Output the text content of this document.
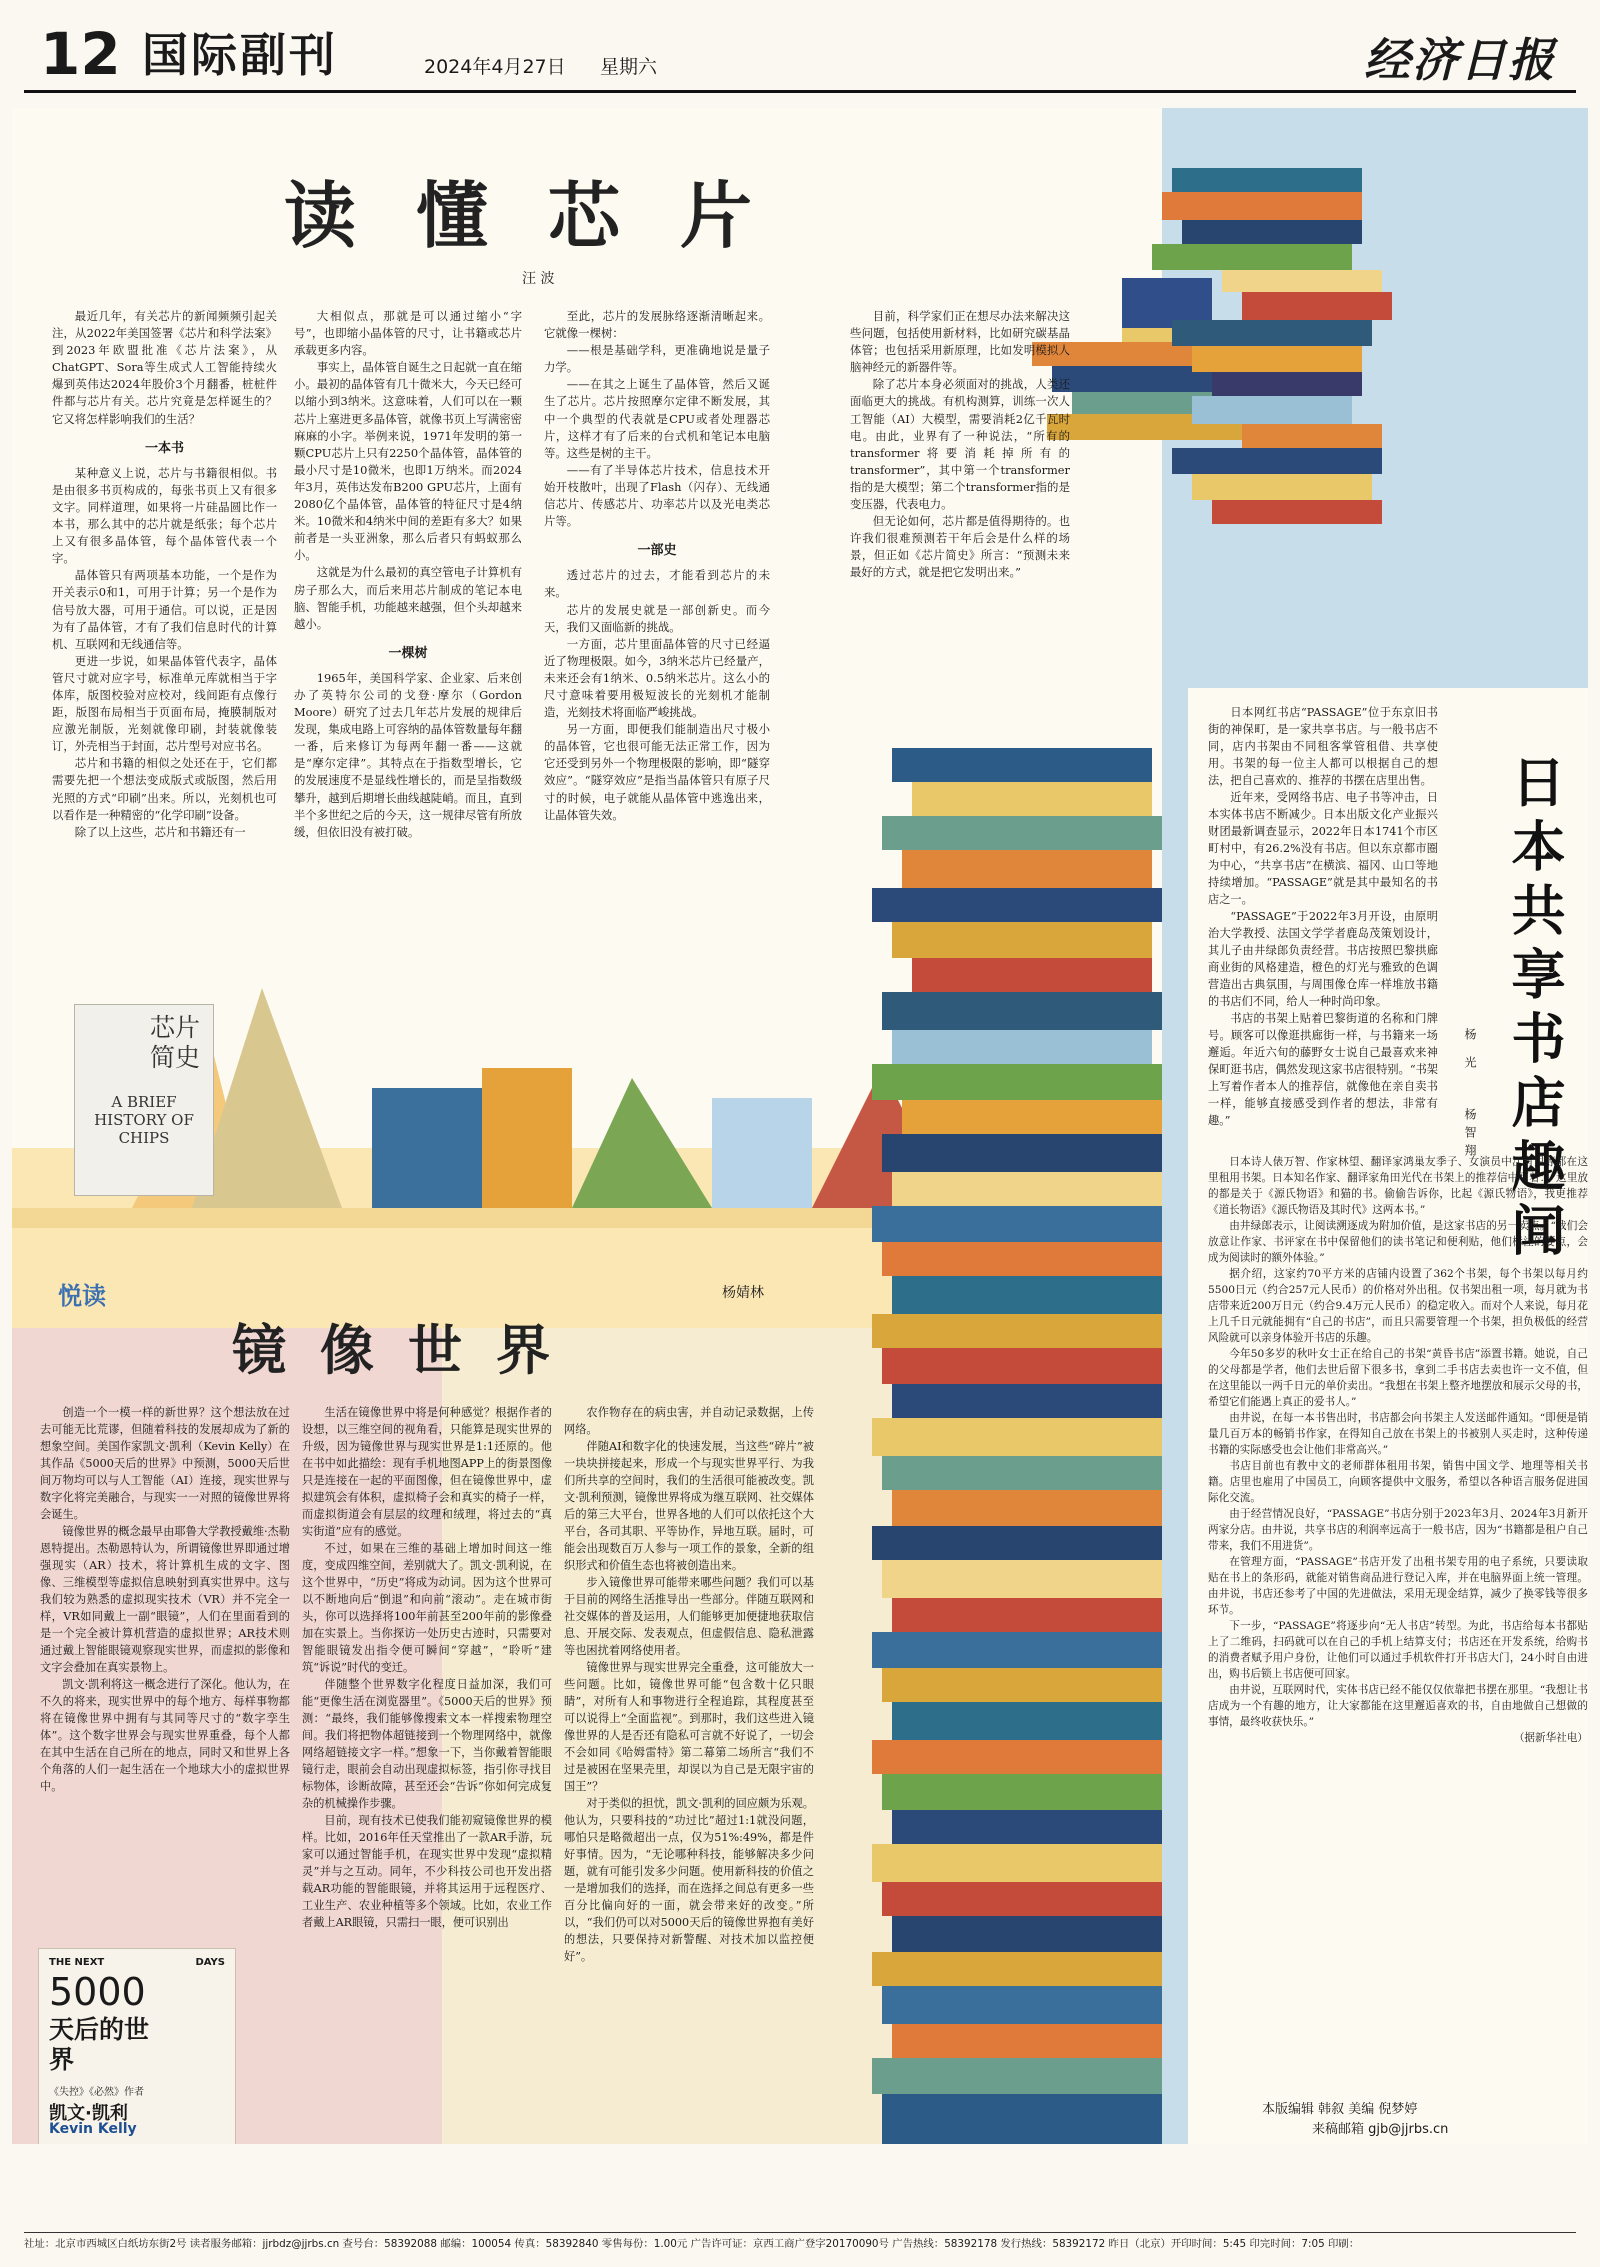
12 国际副刊	2024年4月27日 星期六	经济日报
读懂芯片
汪 波

最近几年，有关芯片的新闻频频引起关注，从2022年美国签署《芯片和科学法案》到2023年欧盟批准《芯片法案》，从ChatGPT、Sora等生成式人工智能持续火爆到英伟达2024年股价3个月翻番，桩桩件件都与芯片有关。芯片究竟是怎样诞生的？它又将怎样影响我们的生活？

一本书

某种意义上说，芯片与书籍很相似。书是由很多书页构成的，每张书页上又有很多文字。同样道理，如果将一片硅晶圆比作一本书，那么其中的芯片就是纸张；每个芯片上又有很多晶体管，每个晶体管代表一个字。

晶体管只有两项基本功能，一个是作为开关表示0和1，可用于计算；另一个是作为信号放大器，可用于通信。可以说，正是因为有了晶体管，才有了我们信息时代的计算机、互联网和无线通信等。

更进一步说，如果晶体管代表字，晶体管尺寸就对应字号，标准单元库就相当于字体库，版图校验对应校对，线间距有点像行距，版图布局相当于页面布局，掩膜制版对应激光制版，光刻就像印刷，封装就像装订，外壳相当于封面，芯片型号对应书名。

芯片和书籍的相似之处还在于，它们都需要先把一个想法变成版式或版图，然后用光照的方式“印刷”出来。所以，光刻机也可以看作是一种精密的“化学印刷”设备。

除了以上这些，芯片和书籍还有一

大相似点，那就是可以通过缩小“字号”，也即缩小晶体管的尺寸，让书籍或芯片承载更多内容。

事实上，晶体管自诞生之日起就一直在缩小。最初的晶体管有几十微米大，今天已经可以缩小到3纳米。这意味着，人们可以在一颗芯片上塞进更多晶体管，就像书页上写满密密麻麻的小字。举例来说，1971年发明的第一颗CPU芯片上只有2250个晶体管，晶体管的最小尺寸是10微米，也即1万纳米。而2024年3月，英伟达发布B200 GPU芯片，上面有2080亿个晶体管，晶体管的特征尺寸是4纳米。10微米和4纳米中间的差距有多大？如果前者是一头亚洲象，那么后者只有蚂蚁那么小。

这就是为什么最初的真空管电子计算机有房子那么大，而后来用芯片制成的笔记本电脑、智能手机，功能越来越强，但个头却越来越小。

一棵树

1965年，美国科学家、企业家、后来创办了英特尔公司的戈登·摩尔（Gordon Moore）研究了过去几年芯片发展的规律后发现，集成电路上可容纳的晶体管数量每年翻一番，后来修订为每两年翻一番——这就是“摩尔定律”。其特点在于指数型增长，它的发展速度不是显线性增长的，而是呈指数级攀升，越到后期增长曲线越陡峭。而且，直到半个多世纪之后的今天，这一规律尽管有所放缓，但依旧没有被打破。

至此，芯片的发展脉络逐渐清晰起来。它就像一棵树：

——根是基础学科，更准确地说是量子力学。

——在其之上诞生了晶体管，然后又诞生了芯片。芯片按照摩尔定律不断发展，其中一个典型的代表就是CPU或者处理器芯片，这样才有了后来的台式机和笔记本电脑等。这些是树的主干。

——有了半导体芯片技术，信息技术开始开枝散叶，出现了Flash（闪存）、无线通信芯片、传感芯片、功率芯片以及光电类芯片等。

一部史

透过芯片的过去，才能看到芯片的未来。

芯片的发展史就是一部创新史。而今天，我们又面临新的挑战。

一方面，芯片里面晶体管的尺寸已经逼近了物理极限。如今，3纳米芯片已经量产，未来还会有1纳米、0.5纳米芯片。这么小的尺寸意味着要用极短波长的光刻机才能制造，光刻技术将面临严峻挑战。

另一方面，即便我们能制造出尺寸极小的晶体管，它也很可能无法正常工作，因为它还受到另外一个物理极限的影响，即“隧穿效应”。“隧穿效应”是指当晶体管只有原子尺寸的时候，电子就能从晶体管中逃逸出来，让晶体管失效。

目前，科学家们正在想尽办法来解决这些问题，包括使用新材料，比如研究碳基晶体管；也包括采用新原理，比如发明模拟人脑神经元的新器件等。

除了芯片本身必须面对的挑战，人类还面临更大的挑战。有机构测算，训练一次人工智能（AI）大模型，需要消耗2亿千瓦时电。由此，业界有了一种说法，“所有的transformer将要消耗掉所有的transformer”，其中第一个transformer指的是大模型；第二个transformer指的是变压器，代表电力。

但无论如何，芯片都是值得期待的。也许我们很难预测若干年后会是什么样的场景，但正如《芯片简史》所言：“预测未来最好的方式，就是把它发明出来。”

芯片简史
A BRIEF HISTORY OF CHIPS
悦读	杨婧林
镜像世界

创造一个一模一样的新世界？这个想法放在过去可能无比荒谬，但随着科技的发展却成为了新的想象空间。美国作家凯文·凯利（Kevin Kelly）在其作品《5000天后的世界》中预测，5000天后世间万物均可以与人工智能（AI）连接，现实世界与数字化将完美融合，与现实一一对照的镜像世界将会诞生。

镜像世界的概念最早由耶鲁大学教授戴维·杰勒恩特提出。杰勒恩特认为，所谓镜像世界即通过增强现实（AR）技术，将计算机生成的文字、图像、三维模型等虚拟信息映射到真实世界中。这与我们较为熟悉的虚拟现实技术（VR）并不完全一样，VR如同戴上一副“眼镜”，人们在里面看到的是一个完全被计算机营造的虚拟世界；AR技术则通过戴上智能眼镜观察现实世界，而虚拟的影像和文字会叠加在真实景物上。

凯文·凯利将这一概念进行了深化。他认为，在不久的将来，现实世界中的每个地方、每样事物都将在镜像世界中拥有与其同等尺寸的“数字孪生体”。这个数字世界会与现实世界重叠，每个人都在其中生活在自己所在的地点，同时又和世界上各个角落的人们一起生活在一个地球大小的虚拟世界中。

生活在镜像世界中将是何种感觉？根据作者的设想，以三维空间的视角看，只能算是现实世界的升级，因为镜像世界与现实世界是1:1还原的。他在书中如此描绘：现有手机地图APP上的街景图像只是连接在一起的平面图像，但在镜像世界中，虚拟建筑会有体积，虚拟椅子会和真实的椅子一样，而虚拟街道会有层层的纹理和绒理，将过去的“真实街道”应有的感觉。

不过，如果在三维的基础上增加时间这一维度，变成四维空间，差别就大了。凯文·凯利说，在这个世界中，“历史”将成为动词。因为这个世界可以不断地向后“倒退”和向前“滚动”。走在城市街头，你可以选择将100年前甚至200年前的影像叠加在实景上。当你探访一处历史古迹时，只需要对智能眼镜发出指令便可瞬间“穿越”，“聆听”建筑“诉说”时代的变迁。

伴随整个世界数字化程度日益加深，我们可能“更像生活在浏览器里”。《5000天后的世界》预测：“最终，我们能够像搜索文本一样搜索物理空间。我们将把物体超链接到一个物理网络中，就像网络超链接文字一样。”想象一下，当你戴着智能眼镜行走，眼前会自动出现虚拟标签，指引你寻找目标物体，诊断故障，甚至还会“告诉”你如何完成复杂的机械操作步骤。

目前，现有技术已使我们能初窥镜像世界的模样。比如，2016年任天堂推出了一款AR手游，玩家可以通过智能手机，在现实世界中发现“虚拟精灵”并与之互动。同年，不少科技公司也开发出搭载AR功能的智能眼镜，并将其运用于远程医疗、工业生产、农业种植等多个领域。比如，农业工作者戴上AR眼镜，只需扫一眼，便可识别出

农作物存在的病虫害，并自动记录数据，上传网络。

伴随AI和数字化的快速发展，当这些“碎片”被一块块拼接起来，形成一个与现实世界平行、为我们所共享的空间时，我们的生活很可能被改变。凯文·凯利预测，镜像世界将成为继互联网、社交媒体后的第三大平台，世界各地的人们可以依托这个大平台，各司其职、平等协作，异地互联。届时，可能会出现数百万人参与一项工作的景象，全新的组织形式和价值生态也将被创造出来。

步入镜像世界可能带来哪些问题？我们可以基于目前的网络生活推导出一些部分。伴随互联网和社交媒体的普及运用，人们能够更加便捷地获取信息、开展交际、发表观点，但虚假信息、隐私泄露等也困扰着网络使用者。

镜像世界与现实世界完全重叠，这可能放大一些问题。比如，镜像世界可能“包含数十亿只眼睛”，对所有人和事物进行全程追踪，其程度甚至可以说得上“全面监视”。到那时，我们这些进入镜像世界的人是否还有隐私可言就不好说了，一切会不会如同《哈姆雷特》第二幕第二场所言“我们不过是被困在坚果壳里，却误以为自己是无限宇宙的国王”？

对于类似的担忧，凯文·凯利的回应颇为乐观。他认为，只要科技的“功过比”超过1:1就没问题，哪怕只是略微超出一点，仅为51%:49%，都是件好事情。因为，“无论哪种科技，能够解决多少问题，就有可能引发多少问题。使用新科技的价值之一是增加我们的选择，而在选择之间总有更多一些百分比偏向好的一面，就会带来好的改变。”所以，“我们仍可以对5000天后的镜像世界抱有美好的想法，只要保持对新警醒、对技术加以监控便好”。

THE NEXT	DAYS
5000
天后的世界
《失控》《必然》作者
凯文·凯利
Kevin Kelly
日本共享书店趣闻
杨 光
杨智翔

日本网红书店“PASSAGE”位于东京旧书街的神保町，是一家共享书店。与一般书店不同，店内书架由不同租客掌管租借、共享使用。书架的每一位主人都可以根据自己的想法，把自己喜欢的、推荐的书摆在店里出售。

近年来，受网络书店、电子书等冲击，日本实体书店不断减少。日本出版文化产业振兴财团最新调查显示，2022年日本1741个市区町村中，有26.2%没有书店。但以东京都市圈为中心，“共享书店”在横滨、福冈、山口等地持续增加。“PASSAGE”就是其中最知名的书店之一。

“PASSAGE”于2022年3月开设，由原明治大学教授、法国文学学者鹿岛茂策划设计，其儿子由井绿郎负责经营。书店按照巴黎拱廊商业街的风格建造，橙色的灯光与雅致的色调营造出古典氛围，与周围像仓库一样堆放书籍的书店们不同，给人一种时尚印象。

书店的书架上贴着巴黎街道的名称和门牌号。顾客可以像逛拱廊街一样，与书籍来一场邂逅。年近六旬的藤野女士说自己最喜欢来神保町逛书店，偶然发现这家书店很特别。“书架上写着作者本人的推荐信，就像他在亲自卖书一样，能够直接感受到作者的想法，非常有趣。”

日本诗人俵万智、作家林望、翻译家鸿巢友季子、女演员中江有里等都在这里租用书架。日本知名作家、翻译家角田光代在书架上的推荐信中写着：“这里放的都是关于《源氏物语》和猫的书。偷偷告诉你，比起《源氏物语》，我更推荐《道长物语》《源氏物语及其时代》这两本书。”

由井绿郎表示，让阅读溯逐成为附加价值，是这家书店的另一卖点。“我们会放意让作家、书评家在书中保留他们的读书笔记和便利贴，他们标注的要点，会成为阅读时的额外体验。”

据介绍，这家约70平方米的店铺内设置了362个书架，每个书架以每月约5500日元（约合257元人民币）的价格对外出租。仅书架出租一项，每月就为书店带来近200万日元（约合9.4万元人民币）的稳定收入。而对个人来说，每月花上几千日元就能拥有“自己的书店”，而且只需要管理一个书架，担负极低的经营风险就可以亲身体验开书店的乐趣。

今年50多岁的秋叶女士正在给自己的书架“黄昏书店”添置书籍。她说，自己的父母都是学者，他们去世后留下很多书，拿到二手书店去卖也许一文不值，但在这里能以一两千日元的单价卖出。“我想在书架上整齐地摆放和展示父母的书，希望它们能遇上真正的爱书人。”

由井说，在每一本书售出时，书店都会向书架主人发送邮件通知。“即便是销量几百万本的畅销书作家，在得知自己放在书架上的书被别人买走时，这种传递书籍的实际感受也会让他们非常高兴。”

书店目前也有教中文的老师群体租用书架，销售中国文学、地理等相关书籍。店里也雇用了中国员工，向顾客提供中文服务，希望以各种语言服务促进国际化交流。

由于经营情况良好，“PASSAGE”书店分别于2023年3月、2024年3月新开两家分店。由井说，共享书店的利润率远高于一般书店，因为“书籍都是租户自己带来，我们不用进货”。

在管理方面，“PASSAGE”书店开发了出租书架专用的电子系统，只要读取贴在书上的条形码，就能对销售商品进行登记入库，并在电脑界面上统一管理。由井说，书店还参考了中国的先进做法，采用无现金结算，减少了换零钱等很多环节。

下一步，“PASSAGE”将逐步向“无人书店”转型。为此，书店给每本书都贴上了二维码，扫码就可以在自己的手机上结算支付；书店还在开发系统，给购书的消费者赋予用户身份，让他们可以通过手机软件打开书店大门，24小时自由进出，购书后锁上书店便可回家。

由井说，互联网时代，实体书店已经不能仅仅依靠把书摆在那里。“我想让书店成为一个有趣的地方，让大家都能在这里邂逅喜欢的书，自由地做自己想做的事情，最终收获快乐。”

（据新华社电）

本版编辑 韩叙 美编 倪梦婷
来稿邮箱 gjb@jjrbs.cn
社址：北京市西城区白纸坊东街2号 读者服务邮箱：jjrbdz@jjrbs.cn 查号台：58392088 邮编：100054 传真：58392840 零售每份：1.00元 广告许可证：京西工商广登字20170090号 广告热线：58392178 发行热线：58392172 昨日（北京）开印时间：5:45 印完时间：7:05 印刷：
